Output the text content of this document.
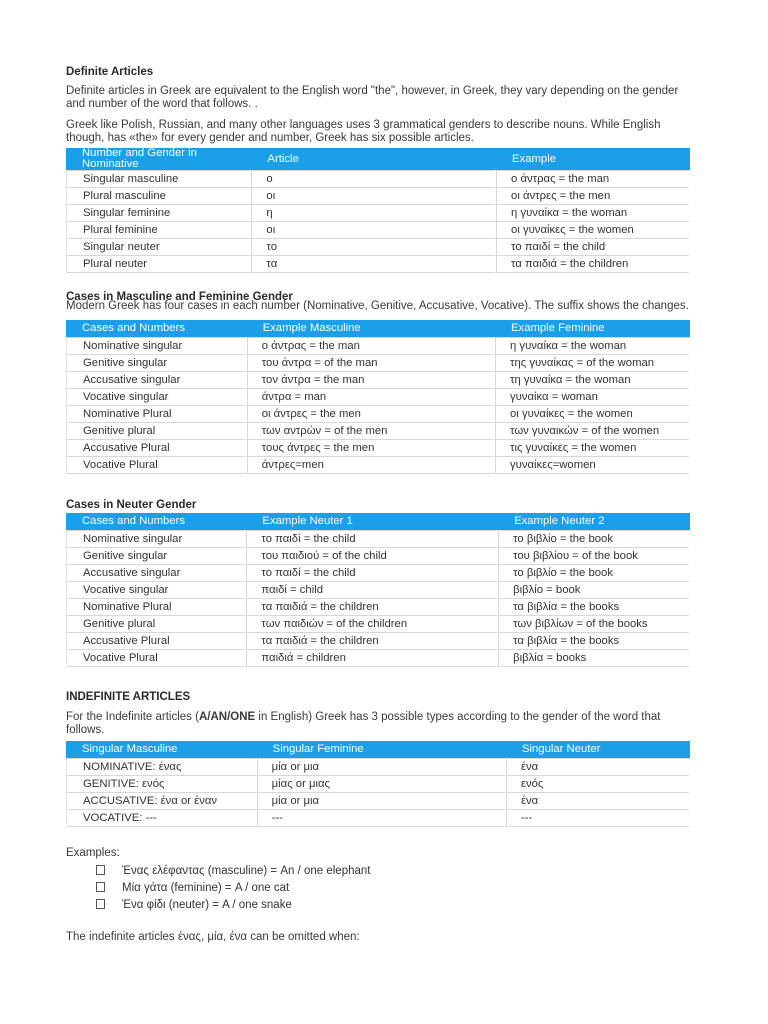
Definite Articles
Definite articles in Greek are equivalent to the English word "the", however, in Greek, they vary depending on the gender and number of the word that follows. .
Greek like Polish, Russian, and many other languages uses 3 grammatical genders to describe nouns. While English though, has «the» for every gender and number, Greek has six possible articles.
Number and Gender in Nominative	Article	Example
Singular masculine	ο	ο άντρας = the man
Plural masculine	οι	οι άντρες = the men
Singular feminine	η	η γυναίκα = the woman
Plural feminine	οι	οι γυναίκες = the women
Singular neuter	το	το παιδί = the child
Plural neuter	τα	τα παιδιά = the children
Cases in Masculine and Feminine Gender
Modern Greek has four cases in each number (Nominative, Genitive, Accusative, Vocative). The suffix shows the changes.
Cases and Numbers	Example Masculine	Example Feminine
Nominative singular	ο άντρας = the man	η γυναίκα = the woman
Genitive singular	του άντρα = of the man	της γυναίκας = of the woman
Accusative singular	τον άντρα = the man	τη γυναίκα = the woman
Vocative singular	άντρα = man	γυναίκα = woman
Nominative Plural	οι άντρες = the men	οι γυναίκες = the women
Genitive plural	των αντρών = of the men	των γυναικών = of the women
Accusative Plural	τους άντρες = the men	τις γυναίκες = the women
Vocative Plural	άντρες=men	γυναίκες=women
Cases in Neuter Gender
Cases and Numbers	Example Neuter 1	Example Neuter 2
Nominative singular	το παιδί = the child	το βιβλίο = the book
Genitive singular	του παιδιού = of the child	του βιβλίου = of the book
Accusative singular	το παιδί = the child	το βιβλίο = the book
Vocative singular	παιδί = child	βιβλίο = book
Nominative Plural	τα παιδιά = the children	τα βιβλία = the books
Genitive plural	των παιδιών = of the children	των βιβλίων = of the books
Accusative Plural	τα παιδιά = the children	τα βιβλία = the books
Vocative Plural	παιδιά = children	βιβλία = books
INDEFINITE ARTICLES
For the Indefinite articles (A/AN/ONE in English) Greek has 3 possible types according to the gender of the word that follows.
Singular Masculine	Singular Feminine	Singular Neuter
NOMINATIVE: ένας	μία or μια	ένα
GENITIVE: ενός	μίας or μιας	ενός
ACCUSATIVE: ένα or έναν	μία or μια	ένα
VOCATIVE: ---	---	---
Examples:
Ένας ελέφαντας (masculine) = An / one elephant
Μία γάτα (feminine) = A / one cat
Ένα φίδι (neuter) = A / one snake
The indefinite articles ένας, μία, ένα can be omitted when:
